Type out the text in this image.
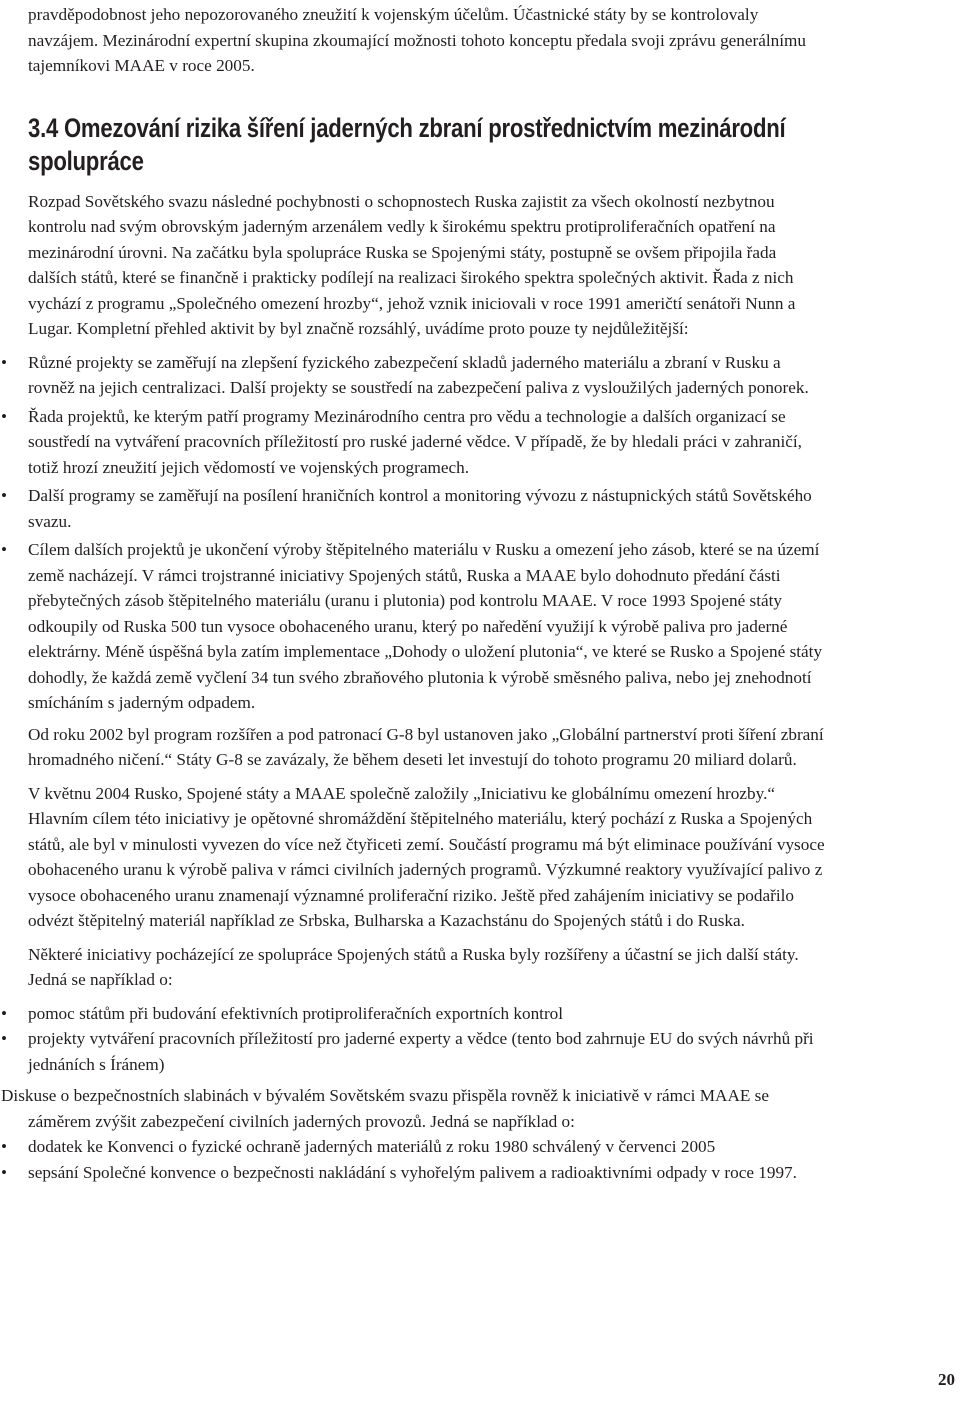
pravděpodobnost jeho nepozorovaného zneužití k vojenským účelům. Účastnické státy by se kontrolovaly navzájem. Mezinárodní expertní skupina zkoumající možnosti tohoto konceptu předala svoji zprávu generálnímu tajemníkovi MAAE v roce 2005.

3.4 Omezování rizika šíření jaderných zbraní prostřednictvím mezinárodní spolupráce

Rozpad Sovětského svazu následné pochybnosti o schopnostech Ruska zajistit za všech okolností nezbytnou kontrolu nad svým obrovským jaderným arzenálem vedly k širokému spektru protiproliferačních opatření na mezinárodní úrovni. Na začátku byla spolupráce Ruska se Spojenými státy, postupně se ovšem připojila řada dalších států, které se finančně i prakticky podílejí na realizaci širokého spektra společných aktivit. Řada z nich vychází z programu „Společného omezení hrozby“, jehož vznik iniciovali v roce 1991 američtí senátoři Nunn a Lugar. Kompletní přehled aktivit by byl značně rozsáhlý, uvádíme proto pouze ty nejdůležitější:

• Různé projekty se zaměřují na zlepšení fyzického zabezpečení skladů jaderného materiálu a zbraní v Rusku a rovněž na jejich centralizaci. Další projekty se soustředí na zabezpečení paliva z vysloužilých jaderných ponorek.
• Řada projektů, ke kterým patří programy Mezinárodního centra pro vědu a technologie a dalších organizací se soustředí na vytváření pracovních příležitostí pro ruské jaderné vědce. V případě, že by hledali práci v zahraničí, totiž hrozí zneužití jejich vědomostí ve vojenských programech.
• Další programy se zaměřují na posílení hraničních kontrol a monitoring vývozu z nástupnických států Sovětského svazu.
• Cílem dalších projektů je ukončení výroby štěpitelného materiálu v Rusku a omezení jeho zásob, které se na území země nacházejí. V rámci trojstranné iniciativy Spojených států, Ruska a MAAE bylo dohodnuto předání části přebytečných zásob štěpitelného materiálu (uranu i plutonia) pod kontrolu MAAE. V roce 1993 Spojené státy odkoupily od Ruska 500 tun vysoce obohaceného uranu, který po naředění využijí k výrobě paliva pro jaderné elektrárny. Méně úspěšná byla zatím implementace „Dohody o uložení plutonia“, ve které se Rusko a Spojené státy dohodly, že každá země vyčlení 34 tun svého zbraňového plutonia k výrobě směsného paliva, nebo jej znehodnotí smícháním s jaderným odpadem.

Od roku 2002 byl program rozšířen a pod patronací G-8 byl ustanoven jako „Globální partnerství proti šíření zbraní hromadného ničení.“ Státy G-8 se zavázaly, že během deseti let investují do tohoto programu 20 miliard dolarů.

V květnu 2004 Rusko, Spojené státy a MAAE společně založily „Iniciativu ke globálnímu omezení hrozby.“ Hlavním cílem této iniciativy je opětovné shromáždění štěpitelného materiálu, který pochází z Ruska a Spojených států, ale byl v minulosti vyvezen do více než čtyřiceti zemí. Součástí programu má být eliminace používání vysoce obohaceného uranu k výrobě paliva v rámci civilních jaderných programů. Výzkumné reaktory využívající palivo z vysoce obohaceného uranu znamenají významné proliferační riziko. Ještě před zahájením iniciativy se podařilo odvézt štěpitelný materiál například ze Srbska, Bulharska a Kazachstánu do Spojených států i do Ruska.

Některé iniciativy pocházející ze spolupráce Spojených států a Ruska byly rozšířeny a účastní se jich další státy. Jedná se například o:

• pomoc státům při budování efektivních protiproliferačních exportních kontrol
• projekty vytváření pracovních příležitostí pro jaderné experty a vědce (tento bod zahrnuje EU do svých návrhů při jednáních s Íránem)

Diskuse o bezpečnostních slabinách v bývalém Sovětském svazu přispěla rovněž k iniciativě v rámci MAAE se záměrem zvýšit zabezpečení civilních jaderných provozů. Jedná se například o:

• dodatek ke Konvenci o fyzické ochraně jaderných materiálů z roku 1980 schválený v červenci 2005
• sepsání Společné konvence o bezpečnosti nakládání s vyhořelým palivem a radioaktivními odpady v roce 1997.
20
